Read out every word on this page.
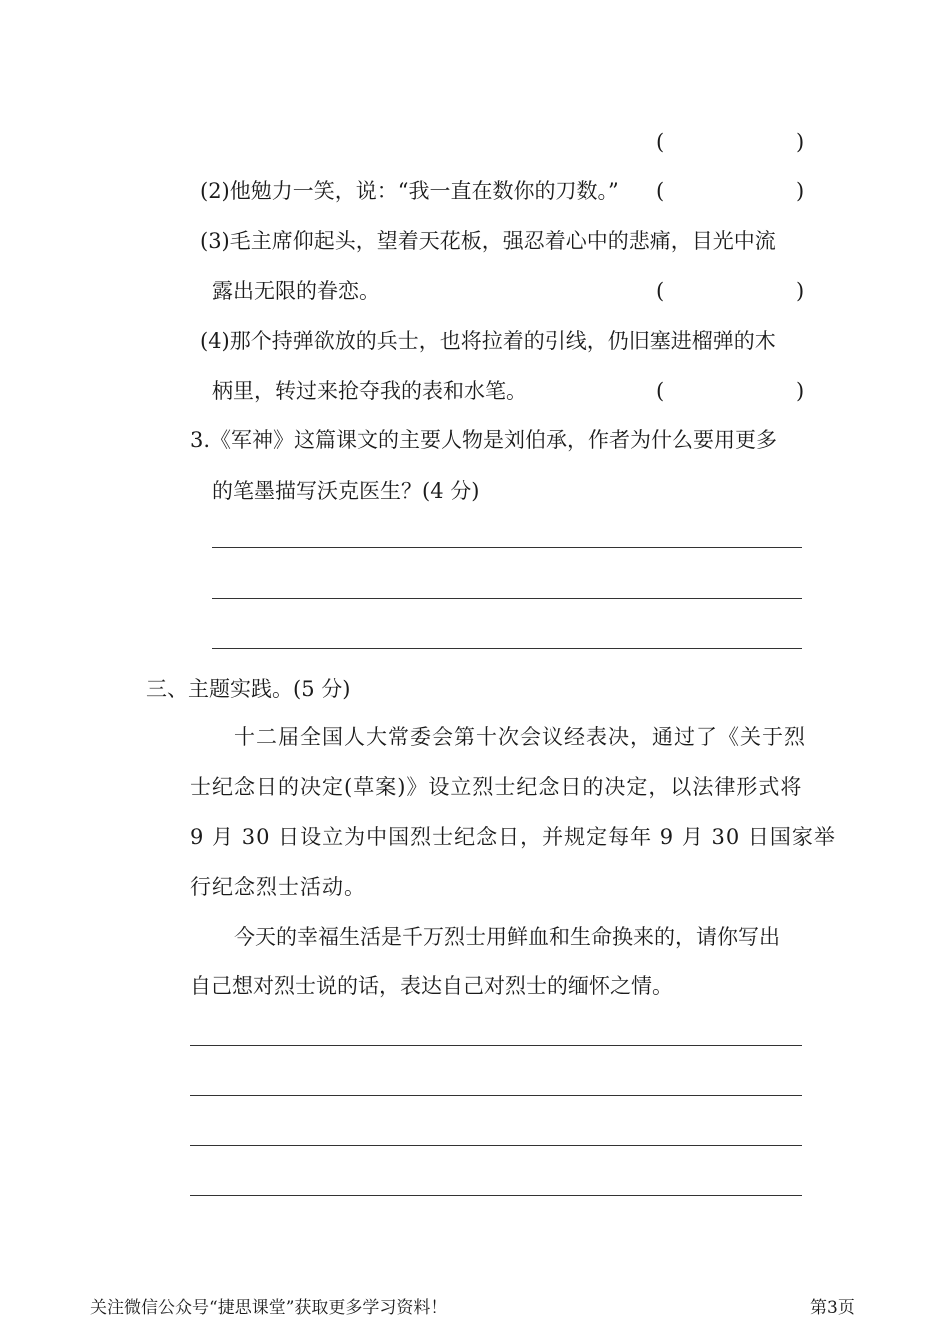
(	)
(2)他勉力一笑，说：“我一直在数你的刀数。” (	)
(3)毛主席仰起头，望着天花板，强忍着心中的悲痛，目光中流
露出无限的眷恋。	(	)
(4)那个持弹欲放的兵士，也将拉着的引线，仍旧塞进榴弹的木
柄里，转过来抢夺我的表和水笔。	(	)
3.《军神》这篇课文的主要人物是刘伯承，作者为什么要用更多
的笔墨描写沃克医生？(4 分)
三、主题实践。(5 分)
十二届全国人大常委会第十次会议经表决，通过了《关于烈
士纪念日的决定(草案)》设立烈士纪念日的决定，以法律形式将
9 月 30 日设立为中国烈士纪念日，并规定每年 9 月 30 日国家举
行纪念烈士活动。
今天的幸福生活是千万烈士用鲜血和生命换来的，请你写出
自己想对烈士说的话，表达自己对烈士的缅怀之情。
关注微信公众号“捷思课堂”获取更多学习资料！	第3页
